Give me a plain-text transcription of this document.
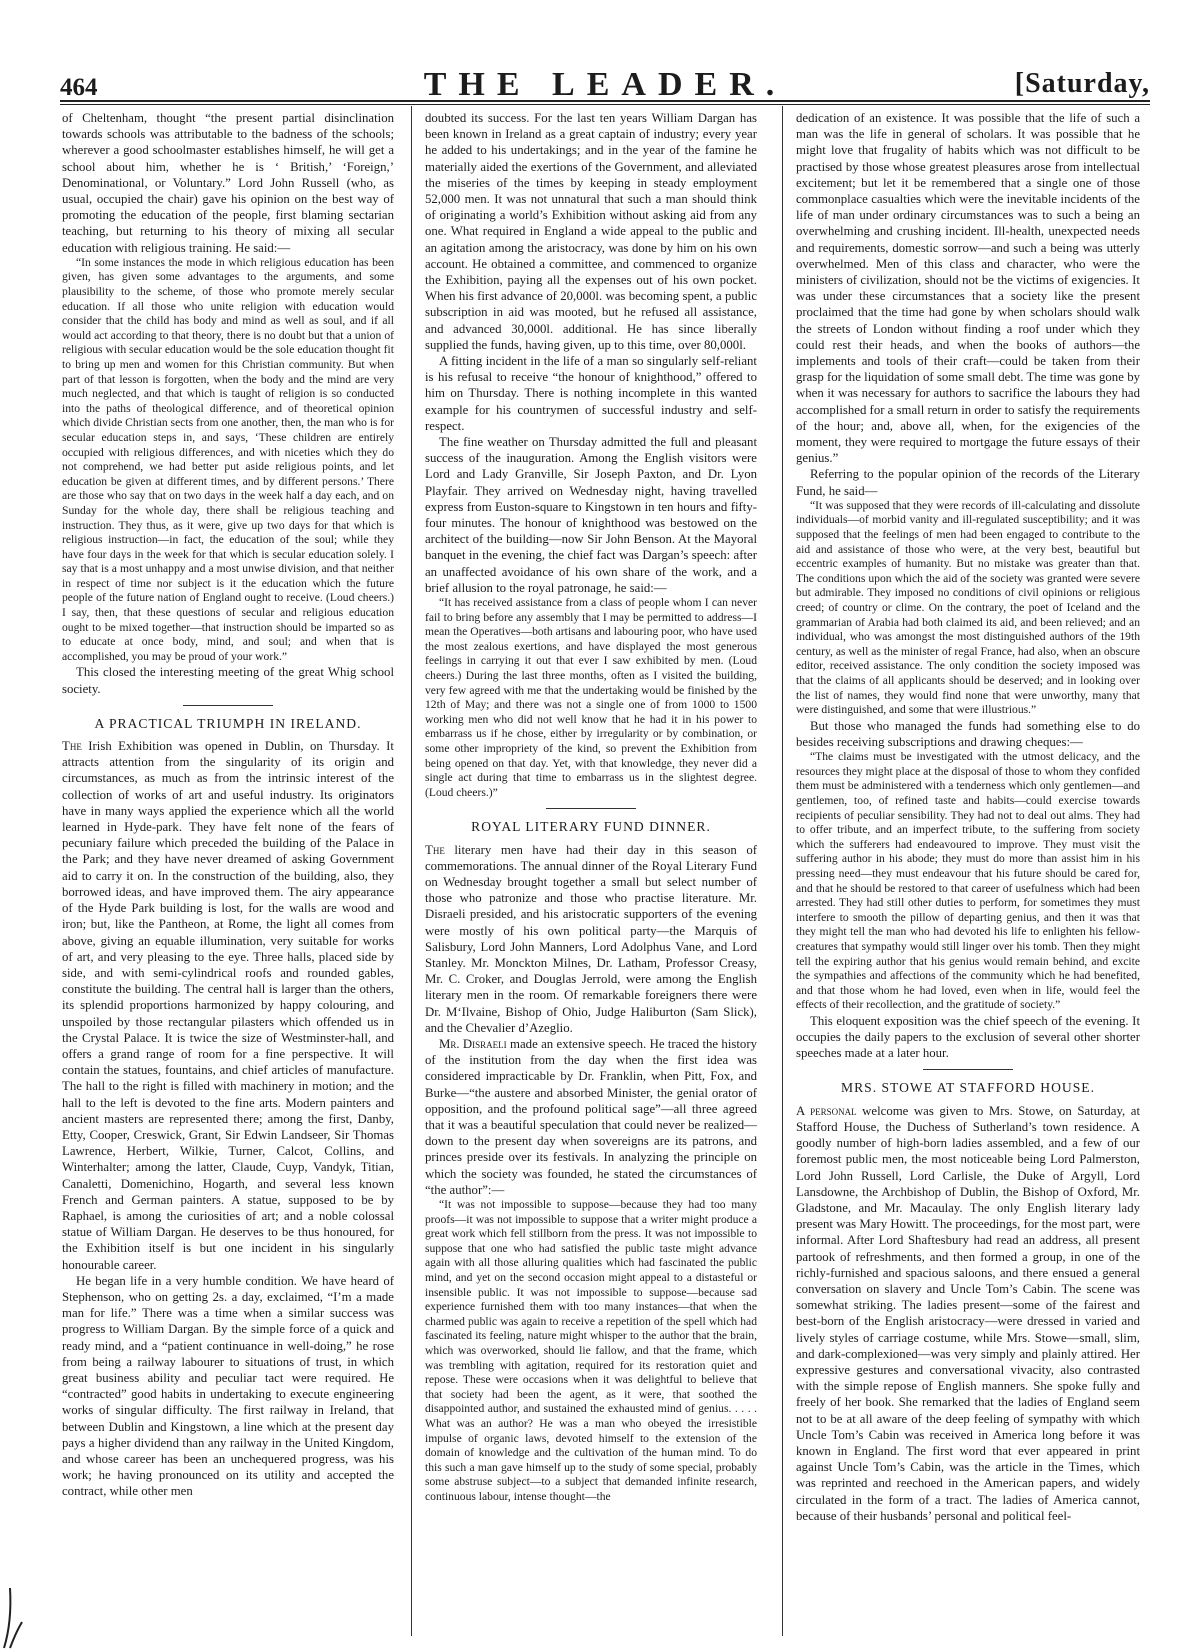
464	THE LEADER.	[Saturday,

of Cheltenham, thought “the present partial disinclination towards schools was attributable to the badness of the schools; wherever a good schoolmaster establishes himself, he will get a school about him, whether he is ‘ British,’ ‘Foreign,’ Denominational, or Voluntary.” Lord John Russell (who, as usual, occupied the chair) gave his opinion on the best way of promoting the education of the people, first blaming sectarian teaching, but returning to his theory of mixing all secular education with religious training. He said:—

“In some instances the mode in which religious education has been given, has given some advantages to the arguments, and some plausibility to the scheme, of those who promote merely secular education. If all those who unite religion with education would consider that the child has body and mind as well as soul, and if all would act according to that theory, there is no doubt but that a union of religious with secular education would be the sole education thought fit to bring up men and women for this Christian community. But when part of that lesson is forgotten, when the body and the mind are very much neglected, and that which is taught of religion is so conducted into the paths of theological difference, and of theoretical opinion which divide Christian sects from one another, then, the man who is for secular education steps in, and says, ‘These children are entirely occupied with religious differences, and with niceties which they do not comprehend, we had better put aside religious points, and let education be given at different times, and by different persons.’ There are those who say that on two days in the week half a day each, and on Sunday for the whole day, there shall be religious teaching and instruction. They thus, as it were, give up two days for that which is religious instruction—in fact, the education of the soul; while they have four days in the week for that which is secular education solely. I say that is a most unhappy and a most unwise division, and that neither in respect of time nor subject is it the education which the future people of the future nation of England ought to receive. (Loud cheers.) I say, then, that these questions of secular and religious education ought to be mixed together—that instruction should be imparted so as to educate at once body, mind, and soul; and when that is accomplished, you may be proud of your work.”

This closed the interesting meeting of the great Whig school society.

A PRACTICAL TRIUMPH IN IRELAND.

The Irish Exhibition was opened in Dublin, on Thursday. It attracts attention from the singularity of its origin and circumstances, as much as from the intrinsic interest of the collection of works of art and useful industry. Its originators have in many ways applied the experience which all the world learned in Hyde-park. They have felt none of the fears of pecuniary failure which preceded the building of the Palace in the Park; and they have never dreamed of asking Government aid to carry it on. In the construction of the building, also, they borrowed ideas, and have improved them. The airy appearance of the Hyde Park building is lost, for the walls are wood and iron; but, like the Pantheon, at Rome, the light all comes from above, giving an equable illumination, very suitable for works of art, and very pleasing to the eye. Three halls, placed side by side, and with semi-cylindrical roofs and rounded gables, constitute the building. The central hall is larger than the others, its splendid proportions harmonized by happy colouring, and unspoiled by those rectangular pilasters which offended us in the Crystal Palace. It is twice the size of Westminster-hall, and offers a grand range of room for a fine perspective. It will contain the statues, fountains, and chief articles of manufacture. The hall to the right is filled with machinery in motion; and the hall to the left is devoted to the fine arts. Modern painters and ancient masters are represented there; among the first, Danby, Etty, Cooper, Creswick, Grant, Sir Edwin Landseer, Sir Thomas Lawrence, Herbert, Wilkie, Turner, Calcot, Collins, and Winterhalter; among the latter, Claude, Cuyp, Vandyk, Titian, Canaletti, Domenichino, Hogarth, and several less known French and German painters. A statue, supposed to be by Raphael, is among the curiosities of art; and a noble colossal statue of William Dargan. He deserves to be thus honoured, for the Exhibition itself is but one incident in his singularly honourable career.

He began life in a very humble condition. We have heard of Stephenson, who on getting 2s. a day, exclaimed, “I’m a made man for life.” There was a time when a similar success was progress to William Dargan. By the simple force of a quick and ready mind, and a “patient continuance in well-doing,” he rose from being a railway labourer to situations of trust, in which great business ability and peculiar tact were required. He “contracted” good habits in undertaking to execute engineering works of singular difficulty. The first railway in Ireland, that between Dublin and Kingstown, a line which at the present day pays a higher dividend than any railway in the United Kingdom, and whose career has been an unchequered progress, was his work; he having pronounced on its utility and accepted the contract, while other men

doubted its success. For the last ten years William Dargan has been known in Ireland as a great captain of industry; every year he added to his undertakings; and in the year of the famine he materially aided the exertions of the Government, and alleviated the miseries of the times by keeping in steady employment 52,000 men. It was not unnatural that such a man should think of originating a world’s Exhibition without asking aid from any one. What required in England a wide appeal to the public and an agitation among the aristocracy, was done by him on his own account. He obtained a committee, and commenced to organize the Exhibition, paying all the expenses out of his own pocket. When his first advance of 20,000l. was becoming spent, a public subscription in aid was mooted, but he refused all assistance, and advanced 30,000l. additional. He has since liberally supplied the funds, having given, up to this time, over 80,000l.

A fitting incident in the life of a man so singularly self-reliant is his refusal to receive “the honour of knighthood,” offered to him on Thursday. There is nothing incomplete in this wanted example for his countrymen of successful industry and self-respect.

The fine weather on Thursday admitted the full and pleasant success of the inauguration. Among the English visitors were Lord and Lady Granville, Sir Joseph Paxton, and Dr. Lyon Playfair. They arrived on Wednesday night, having travelled express from Euston-square to Kingstown in ten hours and fifty-four minutes. The honour of knighthood was bestowed on the architect of the building—now Sir John Benson. At the Mayoral banquet in the evening, the chief fact was Dargan’s speech: after an unaffected avoidance of his own share of the work, and a brief allusion to the royal patronage, he said:—

“It has received assistance from a class of people whom I can never fail to bring before any assembly that I may be permitted to address—I mean the Operatives—both artisans and labouring poor, who have used the most zealous exertions, and have displayed the most generous feelings in carrying it out that ever I saw exhibited by men. (Loud cheers.) During the last three months, often as I visited the building, very few agreed with me that the undertaking would be finished by the 12th of May; and there was not a single one of from 1000 to 1500 working men who did not well know that he had it in his power to embarrass us if he chose, either by irregularity or by combination, or some other impropriety of the kind, so prevent the Exhibition from being opened on that day. Yet, with that knowledge, they never did a single act during that time to embarrass us in the slightest degree. (Loud cheers.)”

ROYAL LITERARY FUND DINNER.

The literary men have had their day in this season of commemorations. The annual dinner of the Royal Literary Fund on Wednesday brought together a small but select number of those who patronize and those who practise literature. Mr. Disraeli presided, and his aristocratic supporters of the evening were mostly of his own political party—the Marquis of Salisbury, Lord John Manners, Lord Adolphus Vane, and Lord Stanley. Mr. Monckton Milnes, Dr. Latham, Professor Creasy, Mr. C. Croker, and Douglas Jerrold, were among the English literary men in the room. Of remarkable foreigners there were Dr. M‘Ilvaine, Bishop of Ohio, Judge Haliburton (Sam Slick), and the Chevalier d’Azeglio.

Mr. Disraeli made an extensive speech. He traced the history of the institution from the day when the first idea was considered impracticable by Dr. Franklin, when Pitt, Fox, and Burke—“the austere and absorbed Minister, the genial orator of opposition, and the profound political sage”—all three agreed that it was a beautiful speculation that could never be realized—down to the present day when sovereigns are its patrons, and princes preside over its festivals. In analyzing the principle on which the society was founded, he stated the circumstances of “the author”:—

“It was not impossible to suppose—because they had too many proofs—it was not impossible to suppose that a writer might produce a great work which fell stillborn from the press. It was not impossible to suppose that one who had satisfied the public taste might advance again with all those alluring qualities which had fascinated the public mind, and yet on the second occasion might appeal to a distasteful or insensible public. It was not impossible to suppose—because sad experience furnished them with too many instances—that when the charmed public was again to receive a repetition of the spell which had fascinated its feeling, nature might whisper to the author that the brain, which was overworked, should lie fallow, and that the frame, which was trembling with agitation, required for its restoration quiet and repose. These were occasions when it was delightful to believe that that society had been the agent, as it were, that soothed the disappointed author, and sustained the exhausted mind of genius. . . . . What was an author? He was a man who obeyed the irresistible impulse of organic laws, devoted himself to the extension of the domain of knowledge and the cultivation of the human mind. To do this such a man gave himself up to the study of some special, probably some abstruse subject—to a subject that demanded infinite research, continuous labour, intense thought—the

dedication of an existence. It was possible that the life of such a man was the life in general of scholars. It was possible that he might love that frugality of habits which was not difficult to be practised by those whose greatest pleasures arose from intellectual excitement; but let it be remembered that a single one of those commonplace casualties which were the inevitable incidents of the life of man under ordinary circumstances was to such a being an overwhelming and crushing incident. Ill-health, unexpected needs and requirements, domestic sorrow—and such a being was utterly overwhelmed. Men of this class and character, who were the ministers of civilization, should not be the victims of exigencies. It was under these circumstances that a society like the present proclaimed that the time had gone by when scholars should walk the streets of London without finding a roof under which they could rest their heads, and when the books of authors—the implements and tools of their craft—could be taken from their grasp for the liquidation of some small debt. The time was gone by when it was necessary for authors to sacrifice the labours they had accomplished for a small return in order to satisfy the requirements of the hour; and, above all, when, for the exigencies of the moment, they were required to mortgage the future essays of their genius.”

Referring to the popular opinion of the records of the Literary Fund, he said—

“It was supposed that they were records of ill-calculating and dissolute individuals—of morbid vanity and ill-regulated susceptibility; and it was supposed that the feelings of men had been engaged to contribute to the aid and assistance of those who were, at the very best, beautiful but eccentric examples of humanity. But no mistake was greater than that. The conditions upon which the aid of the society was granted were severe but admirable. They imposed no conditions of civil opinions or religious creed; of country or clime. On the contrary, the poet of Iceland and the grammarian of Arabia had both claimed its aid, and been relieved; and an individual, who was amongst the most distinguished authors of the 19th century, as well as the minister of regal France, had also, when an obscure editor, received assistance. The only condition the society imposed was that the claims of all applicants should be deserved; and in looking over the list of names, they would find none that were unworthy, many that were distinguished, and some that were illustrious.”

But those who managed the funds had something else to do besides receiving subscriptions and drawing cheques:—

“The claims must be investigated with the utmost delicacy, and the resources they might place at the disposal of those to whom they confided them must be administered with a tenderness which only gentlemen—and gentlemen, too, of refined taste and habits—could exercise towards recipients of peculiar sensibility. They had not to deal out alms. They had to offer tribute, and an imperfect tribute, to the suffering from society which the sufferers had endeavoured to improve. They must visit the suffering author in his abode; they must do more than assist him in his pressing need—they must endeavour that his future should be cared for, and that he should be restored to that career of usefulness which had been arrested. They had still other duties to perform, for sometimes they must interfere to smooth the pillow of departing genius, and then it was that they might tell the man who had devoted his life to enlighten his fellow-creatures that sympathy would still linger over his tomb. Then they might tell the expiring author that his genius would remain behind, and excite the sympathies and affections of the community which he had benefited, and that those whom he had loved, even when in life, would feel the effects of their recollection, and the gratitude of society.”

This eloquent exposition was the chief speech of the evening. It occupies the daily papers to the exclusion of several other shorter speeches made at a later hour.

MRS. STOWE AT STAFFORD HOUSE.

A personal welcome was given to Mrs. Stowe, on Saturday, at Stafford House, the Duchess of Sutherland’s town residence. A goodly number of high-born ladies assembled, and a few of our foremost public men, the most noticeable being Lord Palmerston, Lord John Russell, Lord Carlisle, the Duke of Argyll, Lord Lansdowne, the Archbishop of Dublin, the Bishop of Oxford, Mr. Gladstone, and Mr. Macaulay. The only English literary lady present was Mary Howitt. The proceedings, for the most part, were informal. After Lord Shaftesbury had read an address, all present partook of refreshments, and then formed a group, in one of the richly-furnished and spacious saloons, and there ensued a general conversation on slavery and Uncle Tom’s Cabin. The scene was somewhat striking. The ladies present—some of the fairest and best-born of the English aristocracy—were dressed in varied and lively styles of carriage costume, while Mrs. Stowe—small, slim, and dark-complexioned—was very simply and plainly attired. Her expressive gestures and conversational vivacity, also contrasted with the simple repose of English manners. She spoke fully and freely of her book. She remarked that the ladies of England seem not to be at all aware of the deep feeling of sympathy with which Uncle Tom’s Cabin was received in America long before it was known in England. The first word that ever appeared in print against Uncle Tom’s Cabin, was the article in the Times, which was reprinted and reechoed in the American papers, and widely circulated in the form of a tract. The ladies of America cannot, because of their husbands’ personal and political feel-
